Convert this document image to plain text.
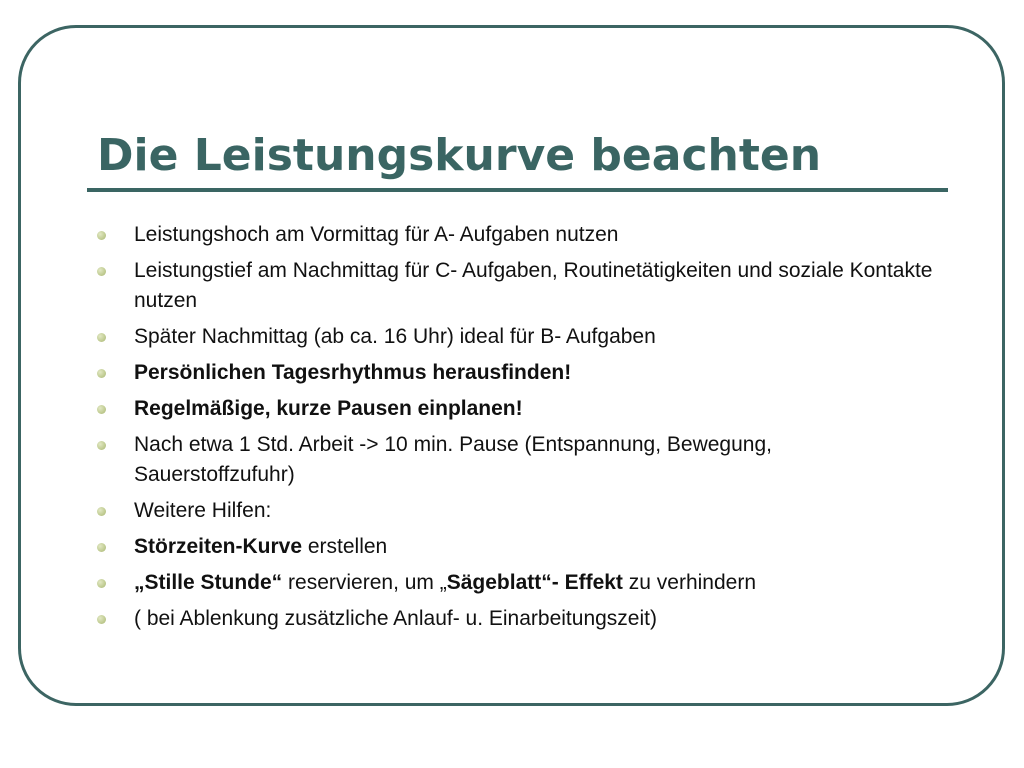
Die Leistungskurve beachten
Leistungshoch am Vormittag für A- Aufgaben nutzen
Leistungstief am Nachmittag für C- Aufgaben, Routinetätigkeiten und soziale Kontakte nutzen
Später Nachmittag (ab ca. 16 Uhr) ideal für B- Aufgaben
Persönlichen Tagesrhythmus herausfinden!
Regelmäßige, kurze Pausen einplanen!
Nach etwa 1 Std. Arbeit -> 10 min. Pause (Entspannung, Bewegung, Sauerstoffzufuhr)
Weitere Hilfen:
Störzeiten-Kurve erstellen
„Stille Stunde“ reservieren, um „Sägeblatt“- Effekt zu verhindern
( bei Ablenkung zusätzliche Anlauf- u. Einarbeitungszeit)
